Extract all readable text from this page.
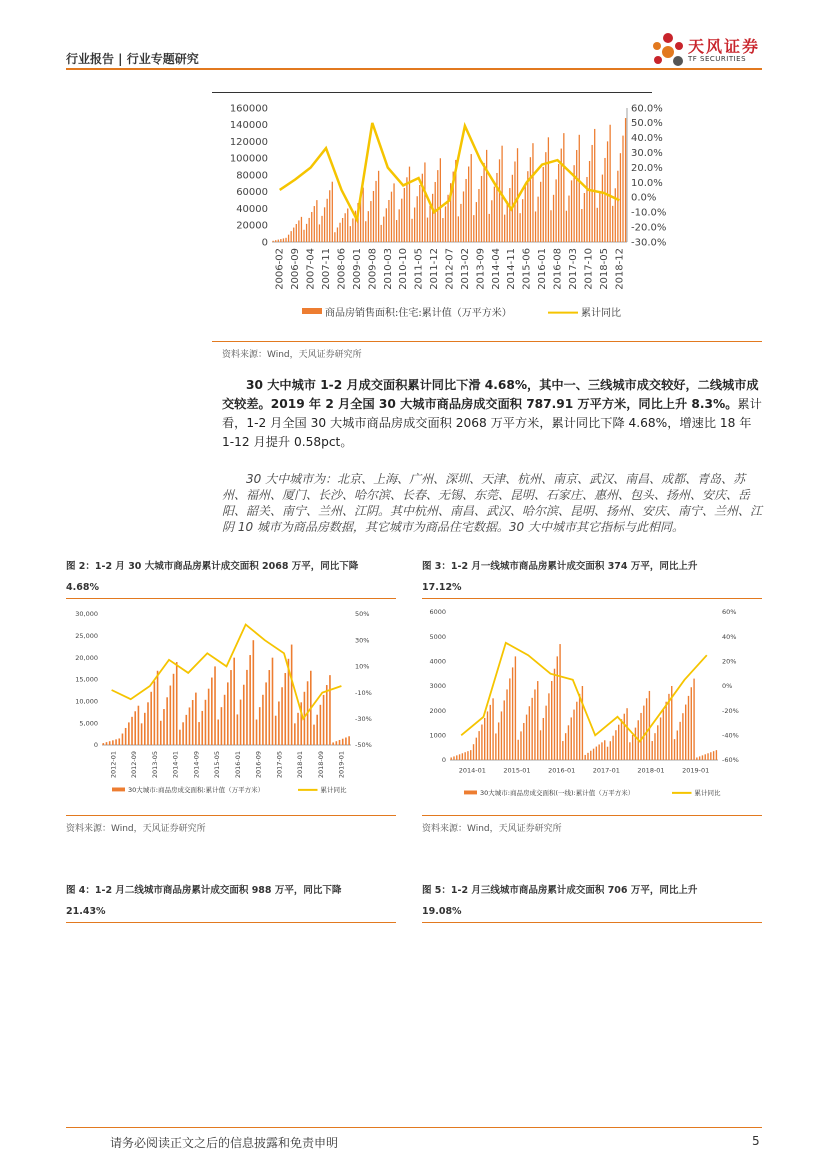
行业报告 | 行业专题研究
天风证券
TF SECURITIES
160000
140000
120000
100000
80000
60000
40000
20000
0
60.0%
50.0%
40.0%
30.0%
20.0%
10.0%
0.0%
-10.0%
-20.0%
-30.0%
2006-02 2006-09 2007-04 2007-11 2008-06 2009-01 2009-08 2010-03 2010-10 2011-05 2011-12 2012-07 2013-02 2013-09 2014-04 2014-11 2015-06 2016-01 2016-08 2017-03 2017-10 2018-05 2018-12
商品房销售面积:住宅:累计值（万平方米）	累计同比
资料来源：Wind，天风证券研究所
30 大中城市 1-2 月成交面积累计同比下滑 4.68%，其中一、三线城市成交较好，二线城市成交较差。2019 年 2 月全国 30 大城市商品房成交面积 787.91 万平方米，同比上升 8.3%。累计看，1-2 月全国 30 大城市商品房成交面积 2068 万平方米，累计同比下降 4.68%，增速比 18 年 1-12 月提升 0.58pct。
30 大中城市为：北京、上海、广州、深圳、天津、杭州、南京、武汉、南昌、成都、青岛、苏州、福州、厦门、长沙、哈尔滨、长春、无锡、东莞、昆明、石家庄、惠州、包头、扬州、安庆、岳阳、韶关、南宁、兰州、江阴。其中杭州、南昌、武汉、哈尔滨、昆明、扬州、安庆、南宁、兰州、江阴 10 城市为商品房数据，其它城市为商品住宅数据。30 大中城市其它指标与此相同。
图 2：1-2 月 30 大城市商品房累计成交面积 2068 万平，同比下降
4.68%
30,000
25,000
20,000
15,000
10,000
5,000
0
50%
30%
10%
-10%
-30%
-50%
2012-01 2012-09 2013-05 2014-01 2014-09 2015-05 2016-01 2016-09 2017-05 2018-01 2018-09 2019-01
30大城市:商品房成交面积:累计值（万平方米）	累计同比
资料来源：Wind，天风证券研究所
图 3：1-2 月一线城市商品房累计成交面积 374 万平，同比上升
17.12%
6000
5000
4000
3000
2000
1000
0
60%
40%
20%
0%
-20%
-40%
-60%
2014-01	2015-01	2016-01	2017-01	2018-01	2019-01
30大城市:商品房成交面积(一线):累计值（万平方米）	累计同比
资料来源：Wind，天风证券研究所
图 4：1-2 月二线城市商品房累计成交面积 988 万平，同比下降
21.43%
图 5：1-2 月三线城市商品房累计成交面积 706 万平，同比上升
19.08%
请务必阅读正文之后的信息披露和免责申明	5
